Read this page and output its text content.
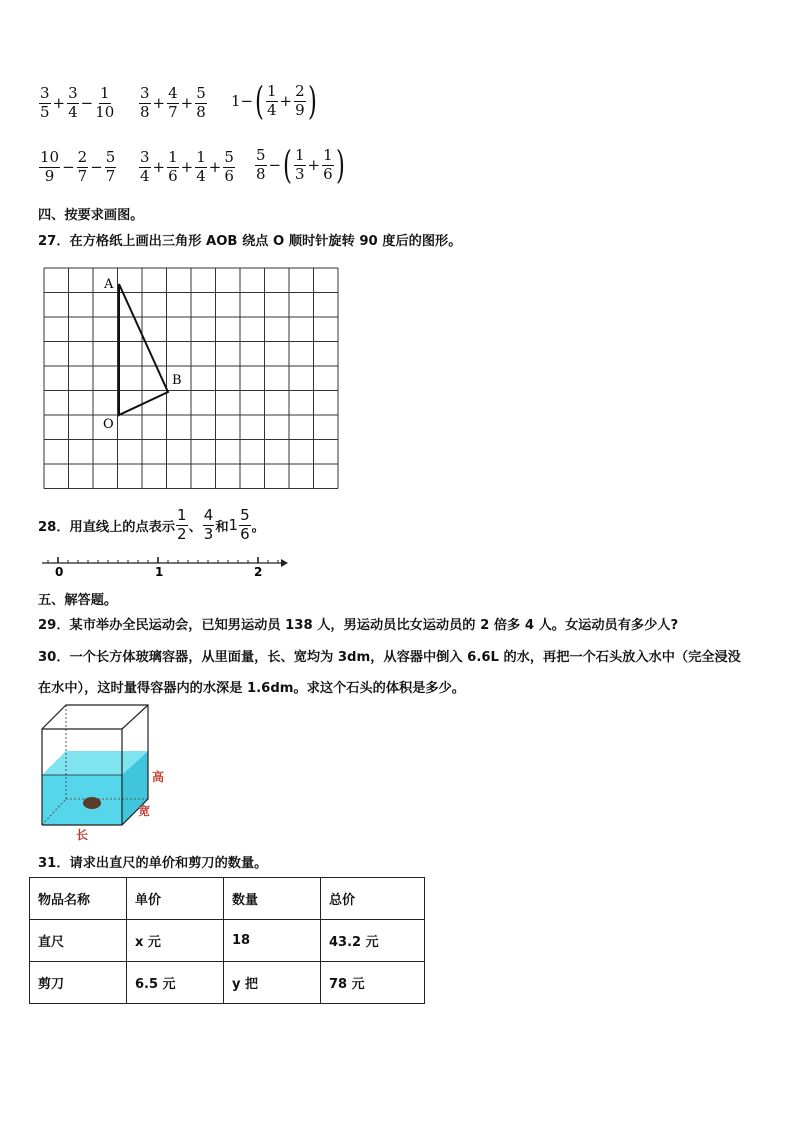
$\frac{3}{5} + \frac{3}{4} - \frac{1}{10} \frac{3}{8} + \frac{4}{7} + \frac{5}{8} 1-$ ( $\frac{1}{4} + \frac{2}{9}$ )
$\frac{10}{9} - \frac{2}{7} - \frac{5}{7} \frac{3}{4} + \frac{1}{6} + \frac{1}{4} + \frac{5}{6} \frac{5}{8}$ − ( $\frac{1}{3} + \frac{1}{6}$ )
四、按要求画图。
27．在方格纸上画出三角形 AOB 绕点 O 顺时针旋转 90 度后的图形。
A
B
O
28．用直线上的点表示 $\frac{1}{2}$ 、 $\frac{4}{3}$ 和 $1 \frac{5}{6}$ 。
0	1	2
五、解答题。
29．某市举办全民运动会，已知男运动员 138 人，男运动员比女运动员的 2 倍多 4 人。女运动员有多少人?
30．一个长方体玻璃容器，从里面量，长、宽均为 3dm，从容器中倒入 6.6L 的水，再把一个石头放入水中（完全浸没
在水中），这时量得容器内的水深是 1.6dm。求这个石头的体积是多少。
高
宽
长
31．请求出直尺的单价和剪刀的数量。
物品名称	单价	数量	总价
直尺	x 元	18	43.2 元
剪刀	6.5 元	y 把	78 元
